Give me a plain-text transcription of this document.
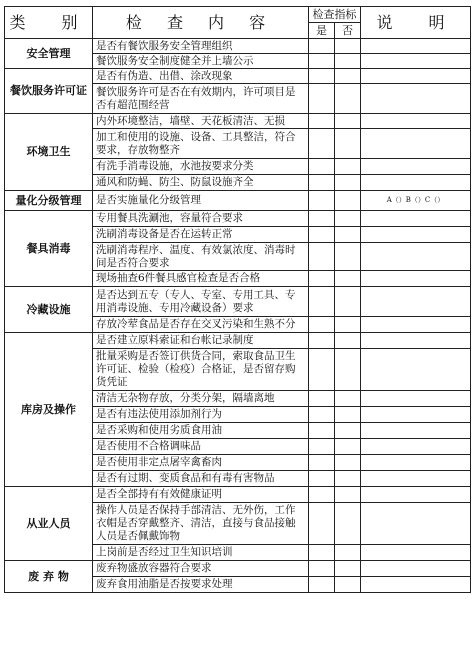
类　别	检 查 内 容	检查指标		说　明
		是	否	
安全管理	是否有餐饮服务安全管理组织			
	餐饮服务安全制度健全并上墙公示			
餐饮服务许可证	是否有伪造、出借、涂改现象			
	餐饮服务许可是否在有效期内，许可项目是否有超范围经营			
环境卫生	内外环境整洁，墙壁、天花板清洁、无损			
	加工和使用的设施、设备、工具整洁，符合要求，存放物整齐			
	有洗手消毒设施，水池按要求分类			
	通风和防蝇、防尘、防鼠设施齐全			
量化分级管理	是否实施量化分级管理			A（）B（）C（）
餐具消毒	专用餐具洗涮池，容量符合要求			
	洗刷消毒设备是否在运转正常			
	洗刷消毒程序、温度、有效氯浓度、消毒时间是否符合要求			
	现场抽查6件餐具感官检查是否合格			
冷藏设施	是否达到五专（专人、专室、专用工具、专用消毒设施、专用冷藏设备）要求			
	存放冷荤食品是否存在交叉污染和生熟不分			
库房及操作	是否建立原料索证和台帐记录制度			
	批量采购是否签订供货合同，索取食品卫生许可证、检验（检疫）合格证，是否留存购货凭证			
	清洁无杂物存放，分类分架，隔墙离地			
	是否有违法使用添加剂行为			
	是否采购和使用劣质食用油			
	是否使用不合格调味品			
	是否使用非定点屠宰禽畜肉			
	是否有过期、变质食品和有毒有害物品			
从业人员	是否全部持有有效健康证明			
	操作人员是否保持手部清洁、无外伤，工作衣帽是否穿戴整齐、清洁，直接与食品接触人员是否佩戴饰物			
	上岗前是否经过卫生知识培训			
废 弃 物	废弃物盛放容器符合要求			
	废弃食用油脂是否按要求处理			
